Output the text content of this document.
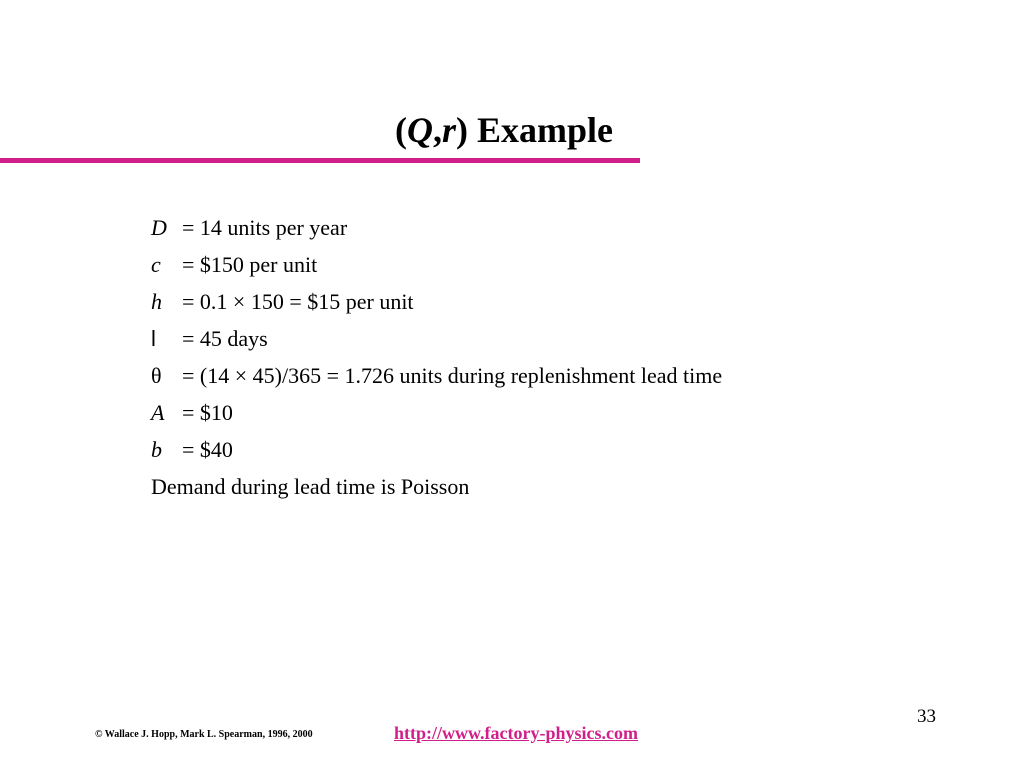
(Q,r) Example
D = 14 units per year
c = $150 per unit
h = 0.1 × 150 = $15 per unit
l	= 45 days
θ = (14 × 45)/365 = 1.726 units during replenishment lead time
A = $10
b = $40
Demand during lead time is Poisson
33
© Wallace J. Hopp, Mark L. Spearman, 1996, 2000	http://www.factory-physics.com
